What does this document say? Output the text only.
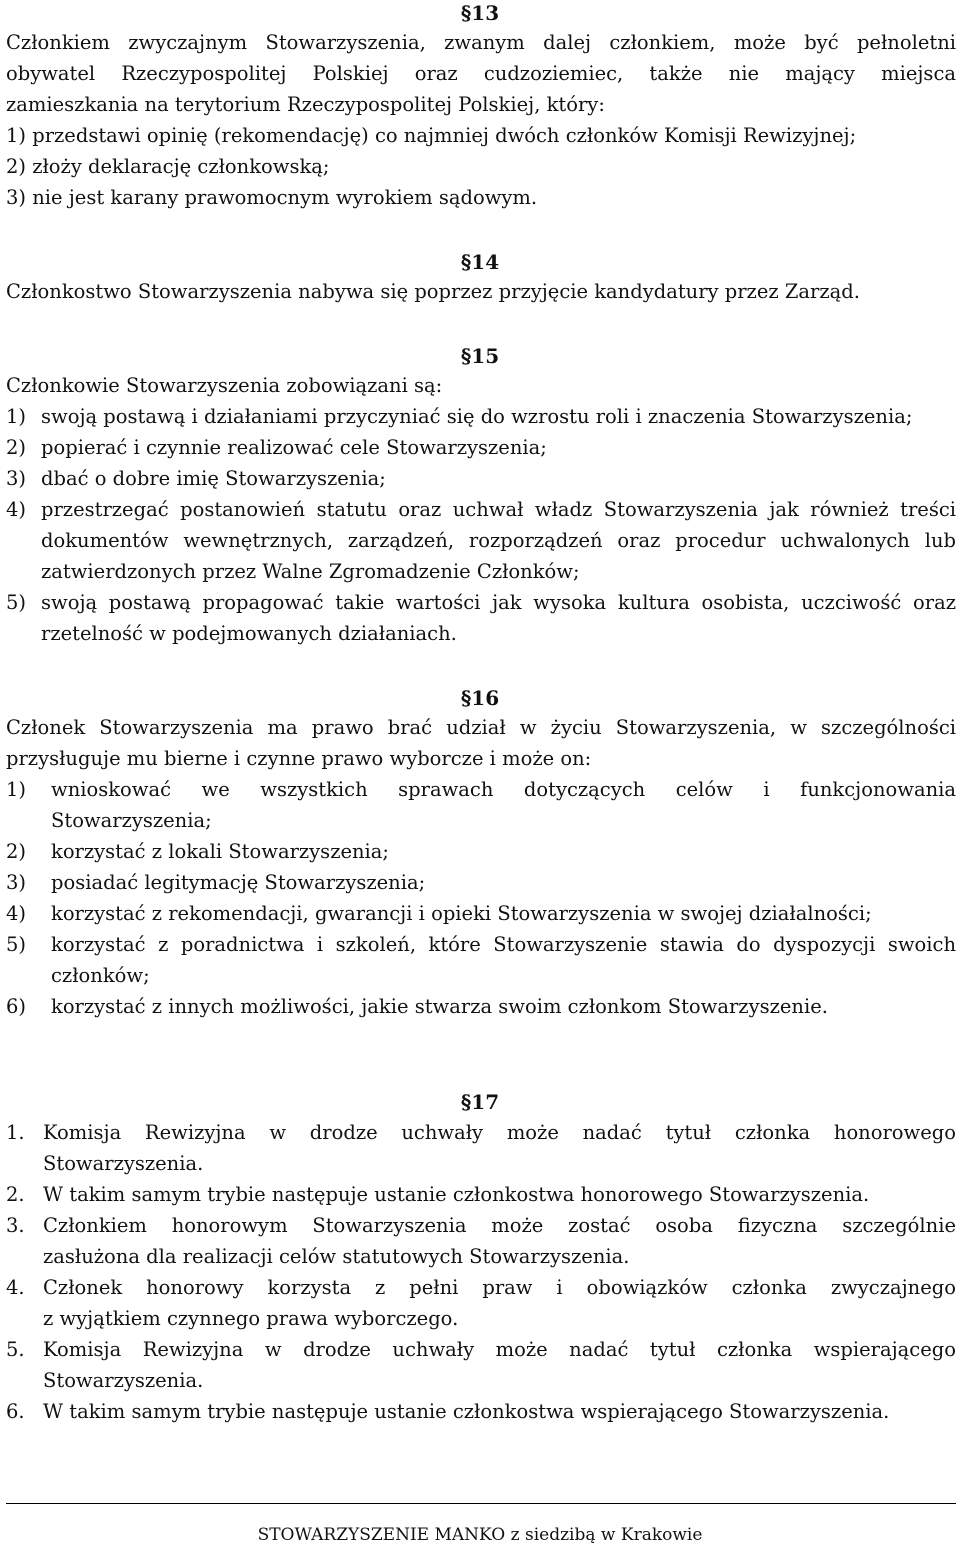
§13
Członkiem zwyczajnym Stowarzyszenia, zwanym dalej członkiem, może być pełnoletni
obywatel Rzeczypospolitej Polskiej oraz cudzoziemiec, także nie mający miejsca
zamieszkania na terytorium Rzeczypospolitej Polskiej, który:
1) przedstawi opinię (rekomendację) co najmniej dwóch członków Komisji Rewizyjnej;
2) złoży deklarację członkowską;
3) nie jest karany prawomocnym wyrokiem sądowym.
§14
Członkostwo Stowarzyszenia nabywa się poprzez przyjęcie kandydatury przez Zarząd.
§15
Członkowie Stowarzyszenia zobowiązani są:
1) swoją postawą i działaniami przyczyniać się do wzrostu roli i znaczenia Stowarzyszenia;
2) popierać i czynnie realizować cele Stowarzyszenia;
3) dbać o dobre imię Stowarzyszenia;
4) przestrzegać postanowień statutu oraz uchwał władz Stowarzyszenia jak również treści
dokumentów wewnętrznych, zarządzeń, rozporządzeń oraz procedur uchwalonych lub
zatwierdzonych przez Walne Zgromadzenie Członków;
5) swoją postawą propagować takie wartości jak wysoka kultura osobista, uczciwość oraz
rzetelność w podejmowanych działaniach.
§16
Członek Stowarzyszenia ma prawo brać udział w życiu Stowarzyszenia, w szczególności
przysługuje mu bierne i czynne prawo wyborcze i może on:
1) wnioskować we wszystkich sprawach dotyczących celów i funkcjonowania
Stowarzyszenia;
2) korzystać z lokali Stowarzyszenia;
3) posiadać legitymację Stowarzyszenia;
4) korzystać z rekomendacji, gwarancji i opieki Stowarzyszenia w swojej działalności;
5) korzystać z poradnictwa i szkoleń, które Stowarzyszenie stawia do dyspozycji swoich
członków;
6) korzystać z innych możliwości, jakie stwarza swoim członkom Stowarzyszenie.
§17
1. Komisja Rewizyjna w drodze uchwały może nadać tytuł członka honorowego
Stowarzyszenia.
2. W takim samym trybie następuje ustanie członkostwa honorowego Stowarzyszenia.
3. Członkiem honorowym Stowarzyszenia może zostać osoba fizyczna szczególnie
zasłużona dla realizacji celów statutowych Stowarzyszenia.
4. Członek honorowy korzysta z pełni praw i obowiązków członka zwyczajnego
z wyjątkiem czynnego prawa wyborczego.
5. Komisja Rewizyjna w drodze uchwały może nadać tytuł członka wspierającego
Stowarzyszenia.
6. W takim samym trybie następuje ustanie członkostwa wspierającego Stowarzyszenia.
STOWARZYSZENIE MANKO z siedzibą w Krakowie
